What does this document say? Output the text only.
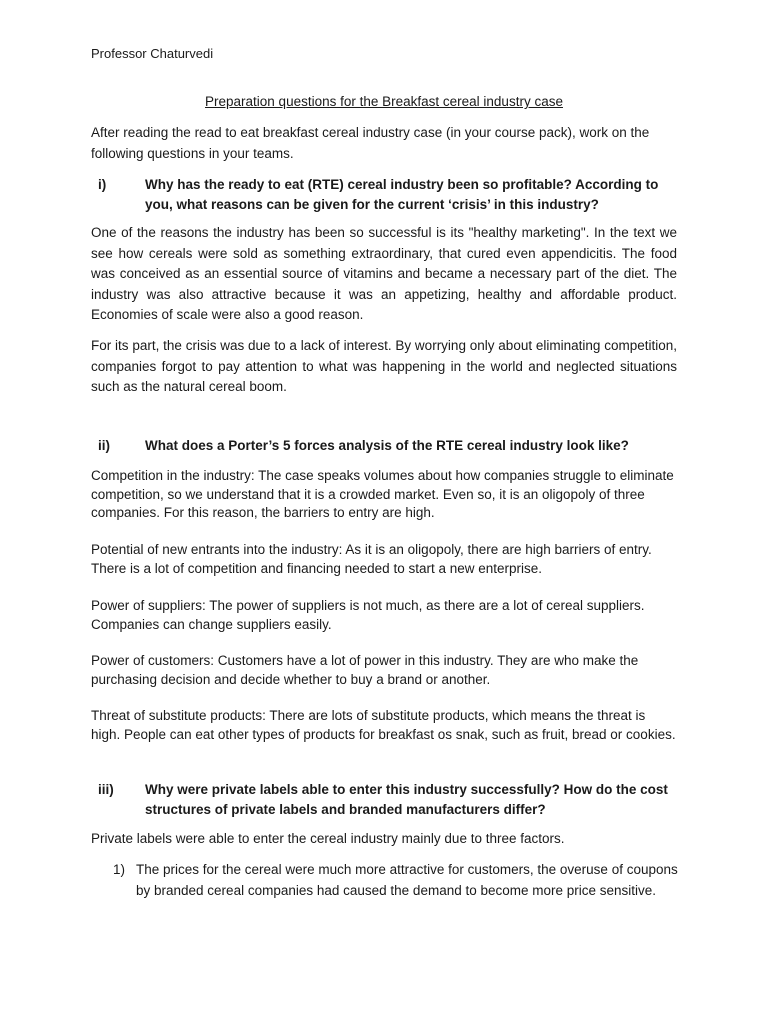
Professor Chaturvedi
Preparation questions for the Breakfast cereal industry case
After reading the read to eat breakfast cereal industry case (in your course pack), work on the following questions in your teams.
i)	Why has the ready to eat (RTE) cereal industry been so profitable? According to you, what reasons can be given for the current ‘crisis’ in this industry?
One of the reasons the industry has been so successful is its "healthy marketing". In the text we see how cereals were sold as something extraordinary, that cured even appendicitis. The food was conceived as an essential source of vitamins and became a necessary part of the diet. The industry was also attractive because it was an appetizing, healthy and affordable product. Economies of scale were also a good reason.
For its part, the crisis was due to a lack of interest. By worrying only about eliminating competition, companies forgot to pay attention to what was happening in the world and neglected situations such as the natural cereal boom.
ii)	What does a Porter’s 5 forces analysis of the RTE cereal industry look like?
Competition in the industry: The case speaks volumes about how companies struggle to eliminate competition, so we understand that it is a crowded market. Even so, it is an oligopoly of three companies. For this reason, the barriers to entry are high.
Potential of new entrants into the industry: As it is an oligopoly, there are high barriers of entry. There is a lot of competition and financing needed to start a new enterprise.
Power of suppliers: The power of suppliers is not much, as there are a lot of cereal suppliers. Companies can change suppliers easily.
Power of customers: Customers have a lot of power in this industry. They are who make the purchasing decision and decide whether to buy a brand or another.
Threat of substitute products: There are lots of substitute products, which means the threat is high. People can eat other types of products for breakfast os snak, such as fruit, bread or cookies.
iii) Why were private labels able to enter this industry successfully? How do the cost structures of private labels and branded manufacturers differ?
Private labels were able to enter the cereal industry mainly due to three factors.
1) The prices for the cereal were much more attractive for customers, the overuse of coupons by branded cereal companies had caused the demand to become more price sensitive.
